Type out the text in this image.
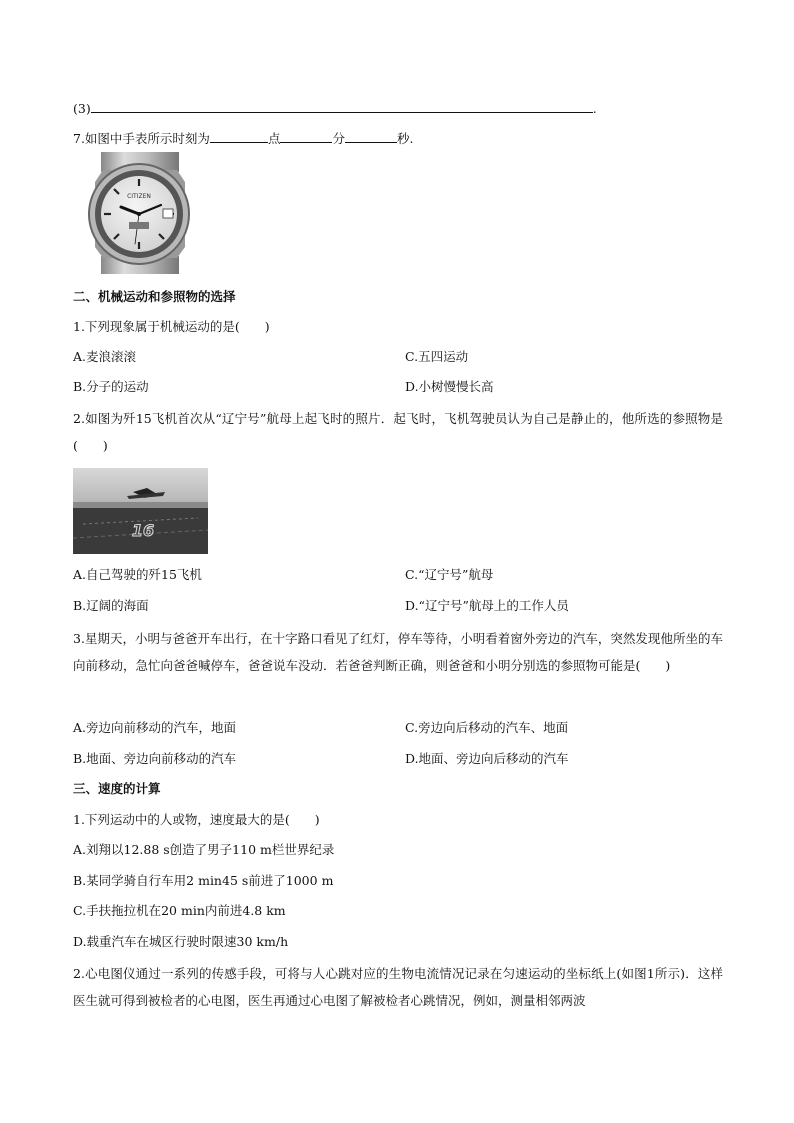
(3)	.
7.如图中手表所示时刻为	点	分	秒.
CITIZEN
二、机械运动和参照物的选择
1.下列现象属于机械运动的是(　　)
A.麦浪滚滚	C.五四运动
B.分子的运动	D.小树慢慢长高
2.如图为歼15飞机首次从“辽宁号”航母上起飞时的照片．起飞时，飞机驾驶员认为自己是静止的，他所选的参照物是(　　)
16
A.自己驾驶的歼15飞机	C.“辽宁号”航母
B.辽阔的海面	D.“辽宁号”航母上的工作人员
3.星期天，小明与爸爸开车出行，在十字路口看见了红灯，停车等待，小明看着窗外旁边的汽车，突然发现他所坐的车向前移动，急忙向爸爸喊停车，爸爸说车没动．若爸爸判断正确，则爸爸和小明分别选的参照物可能是(　　)
A.旁边向前移动的汽车，地面	C.旁边向后移动的汽车、地面
B.地面、旁边向前移动的汽车	D.地面、旁边向后移动的汽车
三、速度的计算
1.下列运动中的人或物，速度最大的是(　　)
A.刘翔以12.88 s创造了男子110 m栏世界纪录
B.某同学骑自行车用2 min45 s前进了1000 m
C.手扶拖拉机在20 min内前进4.8 km
D.载重汽车在城区行驶时限速30 km/h
2.心电图仪通过一系列的传感手段，可将与人心跳对应的生物电流情况记录在匀速运动的坐标纸上(如图1所示)．这样医生就可得到被检者的心电图，医生再通过心电图了解被检者心跳情况，例如，测量相邻两波
